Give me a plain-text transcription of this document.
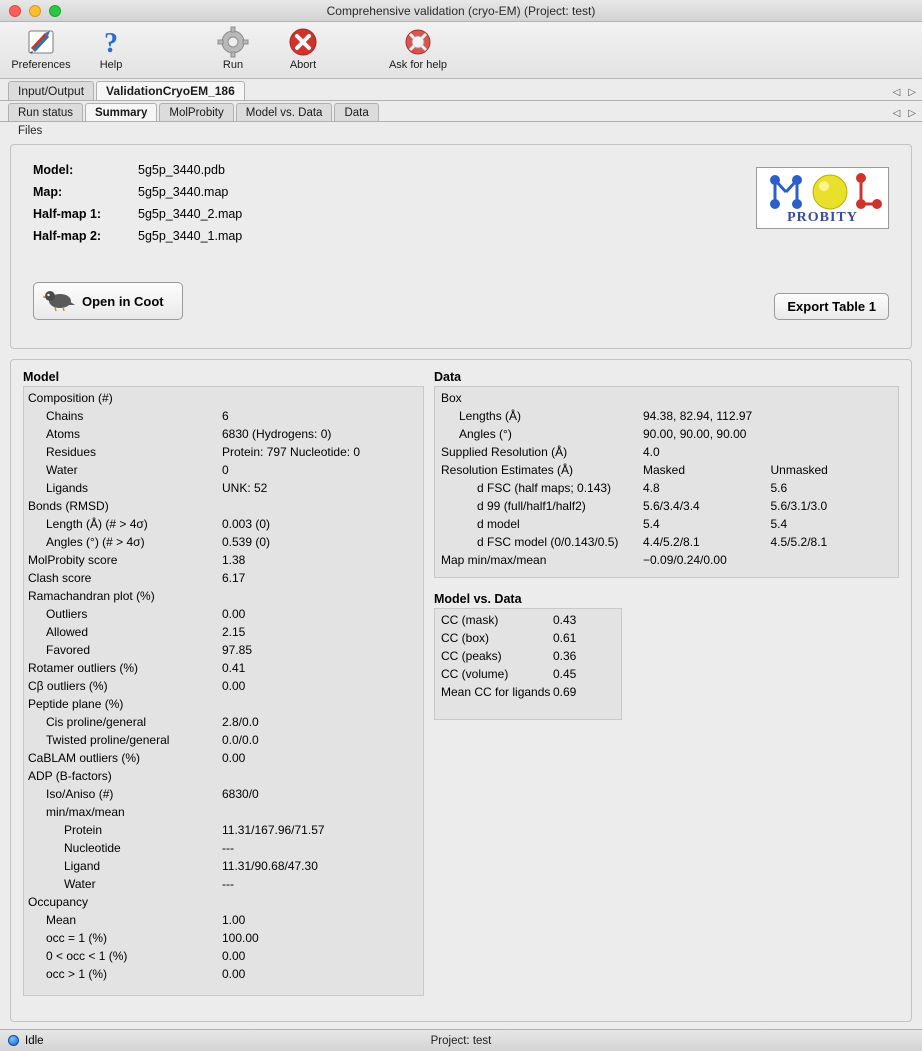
Comprehensive validation (cryo-EM) (Project: test)
Preferences
?
Help	Run	Abort	Ask for help
Input/Output	ValidationCryoEM_186	◁ ▷
Run status	Summary	MolProbity	Model vs. Data	Data	◁ ▷
Files
Model:	5g5p_3440.pdb
Map:	5g5p_3440.map
Half-map 1:	5g5p_3440_2.map
Half-map 2:	5g5p_3440_1.map
PROBITY
Open in Coot	Export Table 1
Model
Composition (#)
Chains	6
Atoms	6830 (Hydrogens: 0)
Residues	Protein: 797 Nucleotide: 0
Water	0
Ligands	UNK: 52
Bonds (RMSD)
Length (Å) (# > 4σ)	0.003 (0)
Angles (°) (# > 4σ)	0.539 (0)
MolProbity score	1.38
Clash score	6.17
Ramachandran plot (%)
Outliers	0.00
Allowed	2.15
Favored	97.85
Rotamer outliers (%)	0.41
Cβ outliers (%)	0.00
Peptide plane (%)
Cis proline/general	2.8/0.0
Twisted proline/general	0.0/0.0
CaBLAM outliers (%)	0.00
ADP (B-factors)
Iso/Aniso (#)	6830/0
min/max/mean
Protein	11.31/167.96/71.57
Nucleotide	---
Ligand	11.31/90.68/47.30
Water	---
Occupancy
Mean	1.00
occ = 1 (%)	100.00
0 < occ < 1 (%)	0.00
occ > 1 (%)	0.00
Data
Box
Lengths (Å)	94.38, 82.94, 112.97
Angles (°)	90.00, 90.00, 90.00
Supplied Resolution (Å)	4.0
Resolution Estimates (Å)	Masked	Unmasked
d FSC (half maps; 0.143)	4.8	5.6
d 99 (full/half1/half2)	5.6/3.4/3.4	5.6/3.1/3.0
d model	5.4	5.4
d FSC model (0/0.143/0.5)	4.4/5.2/8.1	4.5/5.2/8.1
Map min/max/mean	−0.09/0.24/0.00
Model vs. Data
CC (mask)	0.43
CC (box)	0.61
CC (peaks)	0.36
CC (volume)	0.45
Mean CC for ligands 0.69
Idle	Project: test
